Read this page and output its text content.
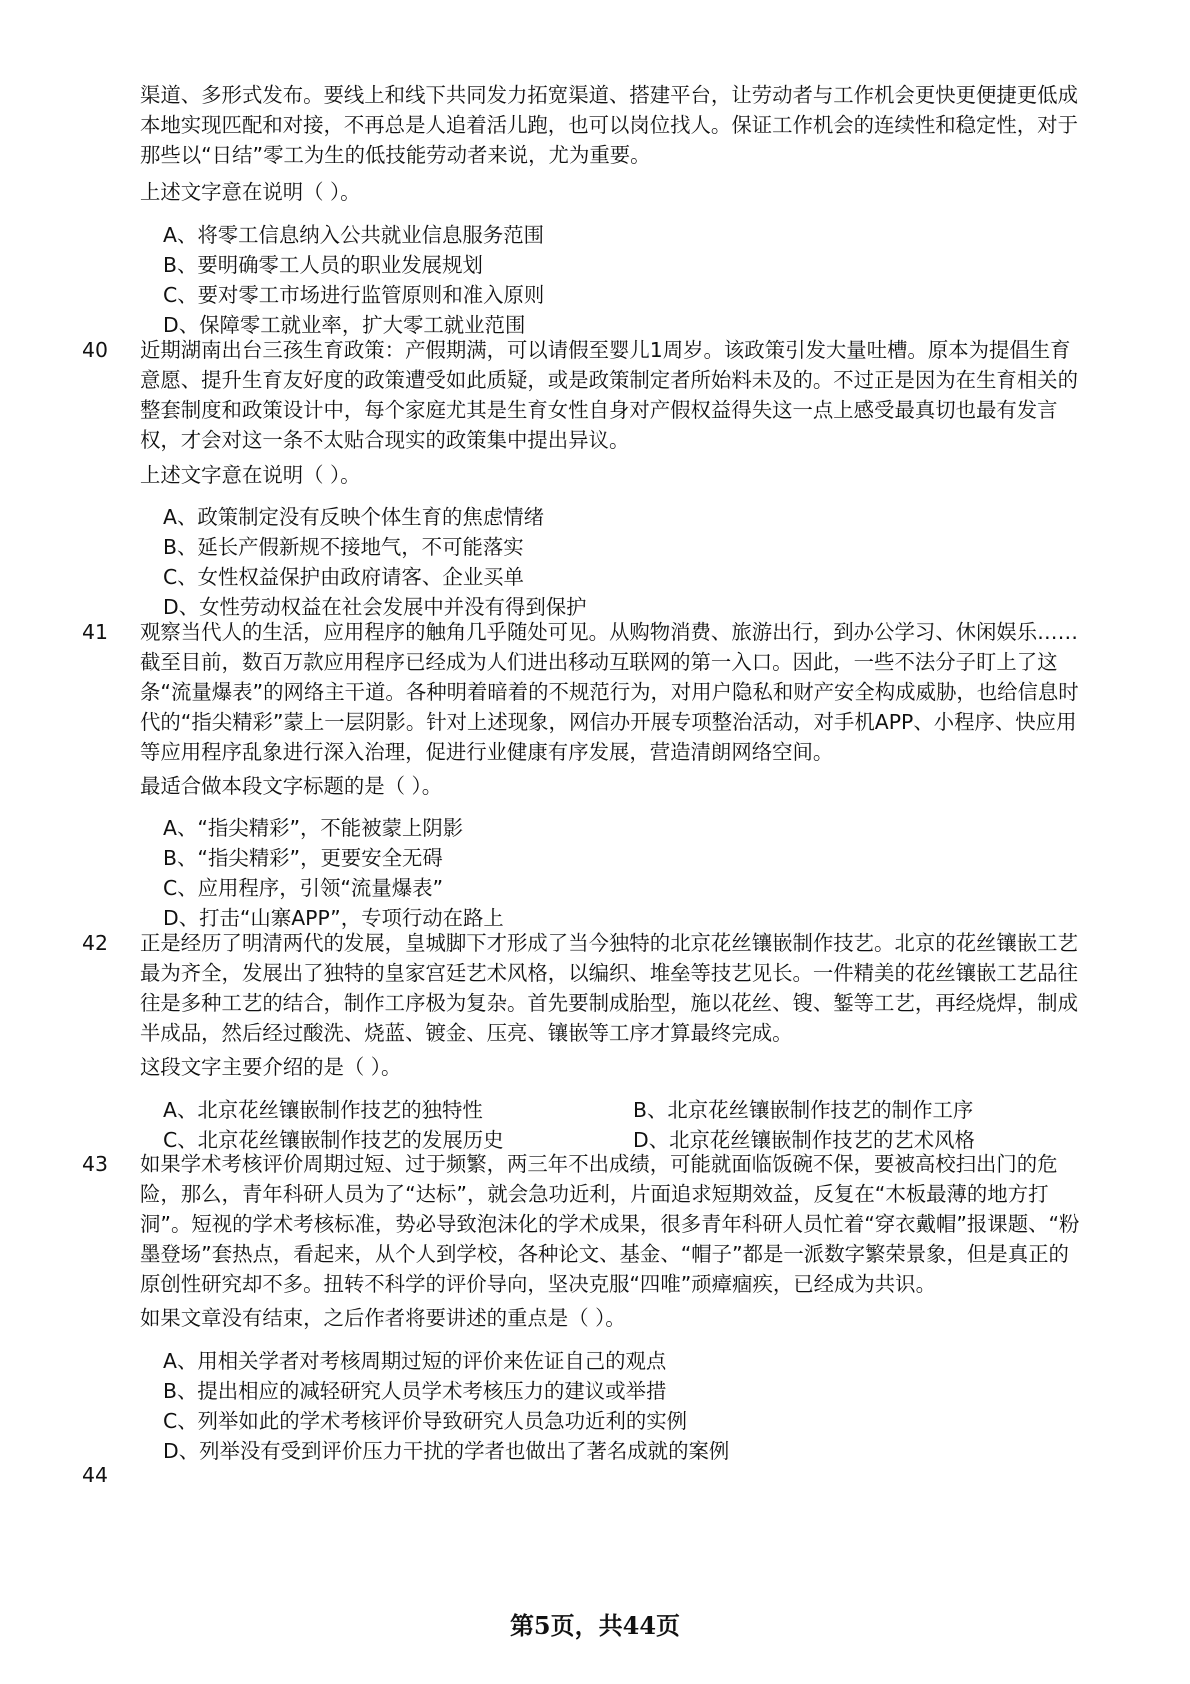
渠道、多形式发布。要线上和线下共同发力拓宽渠道、搭建平台，让劳动者与工作机会更快更便捷更低成本地实现匹配和对接，不再总是人追着活儿跑，也可以岗位找人。保证工作机会的连续性和稳定性，对于那些以“日结”零工为生的低技能劳动者来说，尤为重要。

上述文字意在说明（ ）。
A、将零工信息纳入公共就业信息服务范围
B、要明确零工人员的职业发展规划
C、要对零工市场进行监管原则和准入原则
D、保障零工就业率，扩大零工就业范围
40 近期湖南出台三孩生育政策：产假期满，可以请假至婴儿1周岁。该政策引发大量吐槽。原本为提倡生育意愿、提升生育友好度的政策遭受如此质疑，或是政策制定者所始料未及的。不过正是因为在生育相关的整套制度和政策设计中，每个家庭尤其是生育女性自身对产假权益得失这一点上感受最真切也最有发言权，才会对这一条不太贴合现实的政策集中提出异议。

上述文字意在说明（ ）。
A、政策制定没有反映个体生育的焦虑情绪
B、延长产假新规不接地气，不可能落实
C、女性权益保护由政府请客、企业买单
D、女性劳动权益在社会发展中并没有得到保护
41 观察当代人的生活，应用程序的触角几乎随处可见。从购物消费、旅游出行，到办公学习、休闲娱乐……截至目前，数百万款应用程序已经成为人们进出移动互联网的第一入口。因此，一些不法分子盯上了这条“流量爆表”的网络主干道。各种明着暗着的不规范行为，对用户隐私和财产安全构成威胁，也给信息时代的“指尖精彩”蒙上一层阴影。针对上述现象，网信办开展专项整治活动，对手机APP、小程序、快应用等应用程序乱象进行深入治理，促进行业健康有序发展，营造清朗网络空间。

最适合做本段文字标题的是（ ）。
A、“指尖精彩”，不能被蒙上阴影
B、“指尖精彩”，更要安全无碍
C、应用程序，引领“流量爆表”
D、打击“山寨APP”，专项行动在路上
42 正是经历了明清两代的发展，皇城脚下才形成了当今独特的北京花丝镶嵌制作技艺。北京的花丝镶嵌工艺最为齐全，发展出了独特的皇家宫廷艺术风格，以编织、堆垒等技艺见长。一件精美的花丝镶嵌工艺品往往是多种工艺的结合，制作工序极为复杂。首先要制成胎型，施以花丝、锼、錾等工艺，再经烧焊，制成半成品，然后经过酸洗、烧蓝、镀金、压亮、镶嵌等工序才算最终完成。

这段文字主要介绍的是（ ）。
A、北京花丝镶嵌制作技艺的独特性	B、北京花丝镶嵌制作技艺的制作工序
C、北京花丝镶嵌制作技艺的发展历史	D、北京花丝镶嵌制作技艺的艺术风格
43 如果学术考核评价周期过短、过于频繁，两三年不出成绩，可能就面临饭碗不保，要被高校扫出门的危险，那么，青年科研人员为了“达标”，就会急功近利，片面追求短期效益，反复在“木板最薄的地方打洞”。短视的学术考核标准，势必导致泡沫化的学术成果，很多青年科研人员忙着“穿衣戴帽”报课题、“粉墨登场”套热点，看起来，从个人到学校，各种论文、基金、“帽子”都是一派数字繁荣景象，但是真正的原创性研究却不多。扭转不科学的评价导向，坚决克服“四唯”顽瘴痼疾，已经成为共识。

如果文章没有结束，之后作者将要讲述的重点是（ ）。
A、用相关学者对考核周期过短的评价来佐证自己的观点
B、提出相应的减轻研究人员学术考核压力的建议或举措
C、列举如此的学术考核评价导致研究人员急功近利的实例
D、列举没有受到评价压力干扰的学者也做出了著名成就的案例
44
第5页，共44页
